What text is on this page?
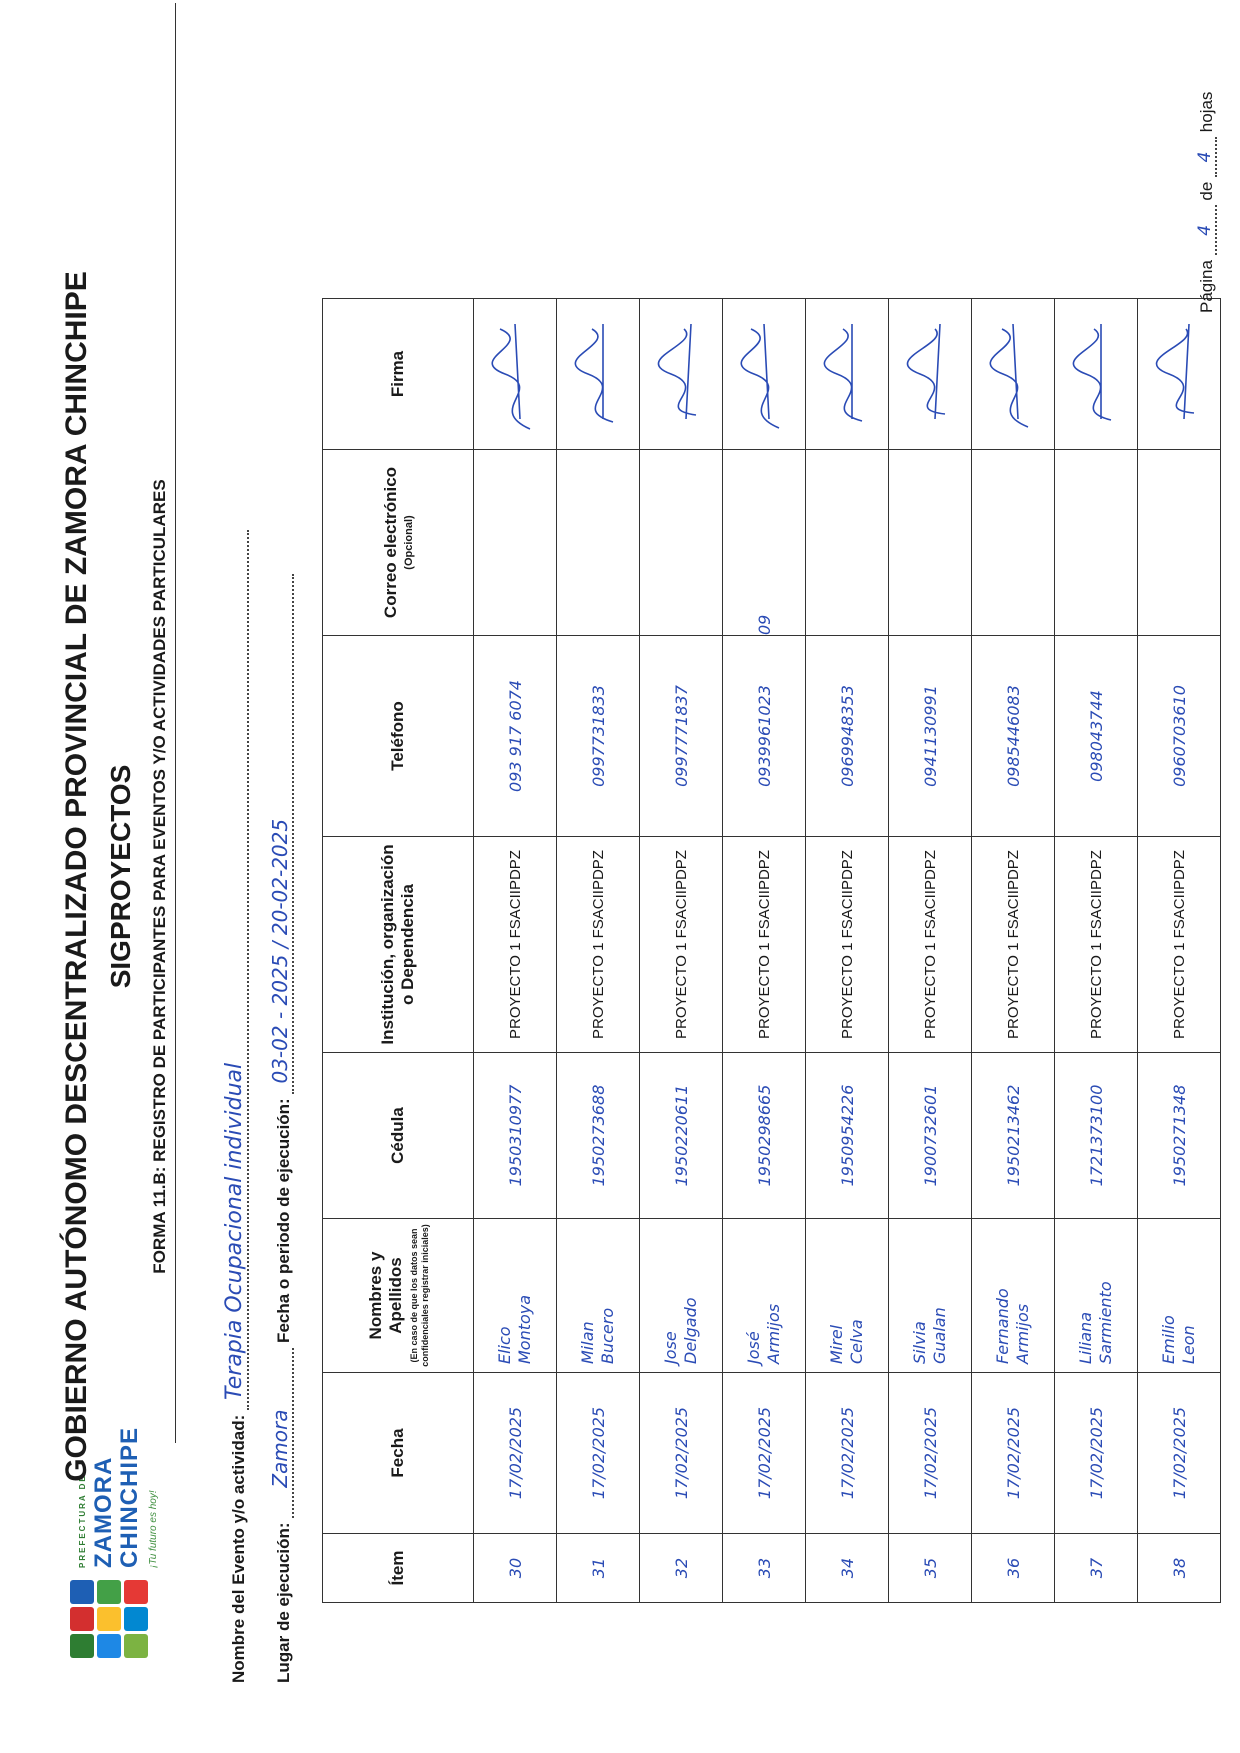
PREFECTURA DE ZAMORA CHINCHIPE ¡Tu futuro es hoy!
GOBIERNO AUTÓNOMO DESCENTRALIZADO PROVINCIAL DE ZAMORA CHINCHIPE SIGPROYECTOS FORMA 11.B: REGISTRO DE PARTICIPANTES PARA EVENTOS Y/O ACTIVIDADES PARTICULARES
Nombre del Evento y/o actividad: Terapia Ocupacional individual
Lugar de ejecución: Zamora Fecha o periodo de ejecución: 03-02 - 2025 / 20-02-2025
Ítem	Fecha	Nombres y Apellidos (En caso de que los datos sean confidenciales registrar iniciales)	Cédula	Institución, organización o Dependencia	Teléfono	Correo electrónico (Opcional)	Firma
30	17/02/2025	Elico Montoya	1950310977	PROYECTO 1 FSACIIPDPZ	093 917 6074		

31	17/02/2025	Milan Bucero	1950273688	PROYECTO 1 FSACIIPDPZ	0997731833		

32	17/02/2025	Jose Delgado	1950220611	PROYECTO 1 FSACIIPDPZ	0997771837		

33	17/02/2025	José Armijos	1950298665	PROYECTO 1 FSACIIPDPZ	0939961023	09	

34	17/02/2025	Mirel Celva	1950954226	PROYECTO 1 FSACIIPDPZ	0969948353		

35	17/02/2025	Silvia Gualan	1900732601	PROYECTO 1 FSACIIPDPZ	0941130991		

36	17/02/2025	Fernando Armijos	1950213462	PROYECTO 1 FSACIIPDPZ	0985446083		

37	17/02/2025	Liliana Sarmiento	1721373100	PROYECTO 1 FSACIIPDPZ	098043744		

38	17/02/2025	Emilio Leon	1950271348	PROYECTO 1 FSACIIPDPZ	0960703610		
Página 4 de 4 hojas
